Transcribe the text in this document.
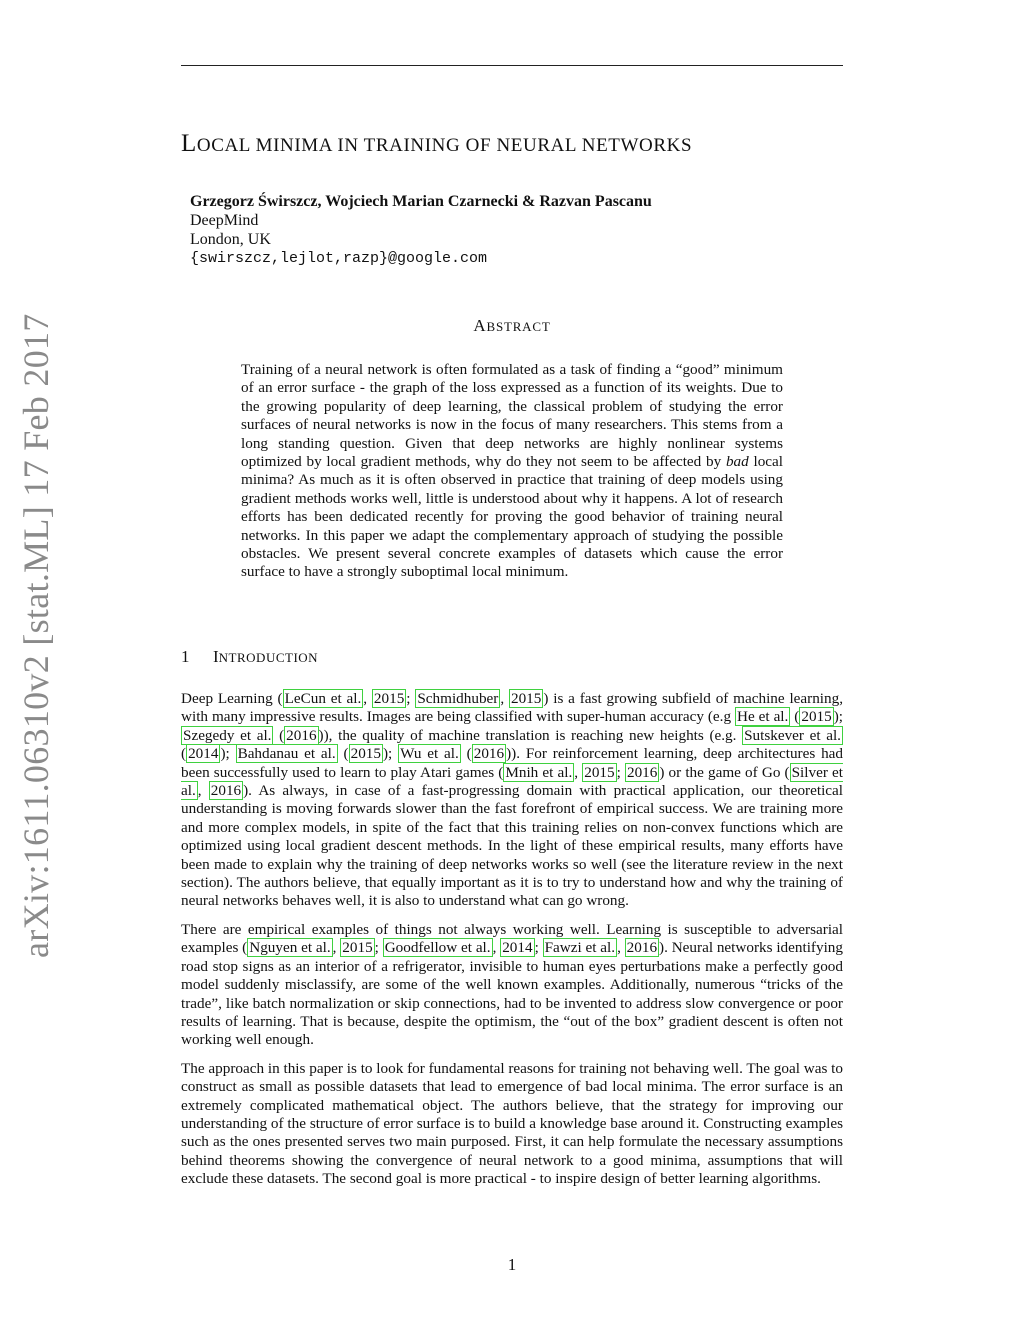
arXiv:1611.06310v2 [stat.ML] 17 Feb 2017
LOCAL MINIMA IN TRAINING OF NEURAL NETWORKS
Grzegorz Świrszcz, Wojciech Marian Czarnecki & Razvan Pascanu
DeepMind
London, UK
{swirszcz,lejlot,razp}@google.com
ABSTRACT
Training of a neural network is often formulated as a task of finding a “good” minimum of an error surface - the graph of the loss expressed as a function of its weights. Due to the growing popularity of deep learning, the classical problem of studying the error surfaces of neural networks is now in the focus of many researchers. This stems from a long standing question. Given that deep networks are highly nonlinear systems optimized by local gradient methods, why do they not seem to be affected by bad local minima? As much as it is often observed in practice that training of deep models using gradient methods works well, little is understood about why it happens. A lot of research efforts has been dedicated recently for proving the good behavior of training neural networks. In this paper we adapt the complementary approach of studying the possible obstacles. We present several concrete examples of datasets which cause the error surface to have a strongly suboptimal local minimum.
1 INTRODUCTION

Deep Learning ( LeCun et al. , 2015 ; Schmidhuber , 2015 ) is a fast growing subfield of machine learning, with many impressive results. Images are being classified with super-human accuracy (e.g He et al. ( 2015 ); Szegedy et al. ( 2016 )), the quality of machine translation is reaching new heights (e.g. Sutskever et al. ( 2014 ); Bahdanau et al. ( 2015 ); Wu et al. ( 2016 )). For reinforcement learning, deep architectures had been successfully used to learn to play Atari games ( Mnih et al. , 2015 ; 2016 ) or the game of Go ( Silver et al. , 2016 ). As always, in case of a fast-progressing domain with practical application, our theoretical understanding is moving forwards slower than the fast forefront of empirical success. We are training more and more complex models, in spite of the fact that this training relies on non-convex functions which are optimized using local gradient descent methods. In the light of these empirical results, many efforts have been made to explain why the training of deep networks works so well (see the literature review in the next section). The authors believe, that equally important as it is to try to understand how and why the training of neural networks behaves well, it is also to understand what can go wrong.

There are empirical examples of things not always working well. Learning is susceptible to adversarial examples ( Nguyen et al. , 2015 ; Goodfellow et al. , 2014 ; Fawzi et al. , 2016 ). Neural networks identifying road stop signs as an interior of a refrigerator, invisible to human eyes perturbations make a perfectly good model suddenly misclassify, are some of the well known examples. Additionally, numerous “tricks of the trade”, like batch normalization or skip connections, had to be invented to address slow convergence or poor results of learning. That is because, despite the optimism, the “out of the box” gradient descent is often not working well enough.

The approach in this paper is to look for fundamental reasons for training not behaving well. The goal was to construct as small as possible datasets that lead to emergence of bad local minima. The error surface is an extremely complicated mathematical object. The authors believe, that the strategy for improving our understanding of the structure of error surface is to build a knowledge base around it. Constructing examples such as the ones presented serves two main purposed. First, it can help formulate the necessary assumptions behind theorems showing the convergence of neural network to a good minima, assumptions that will exclude these datasets. The second goal is more practical - to inspire design of better learning algorithms.

1
